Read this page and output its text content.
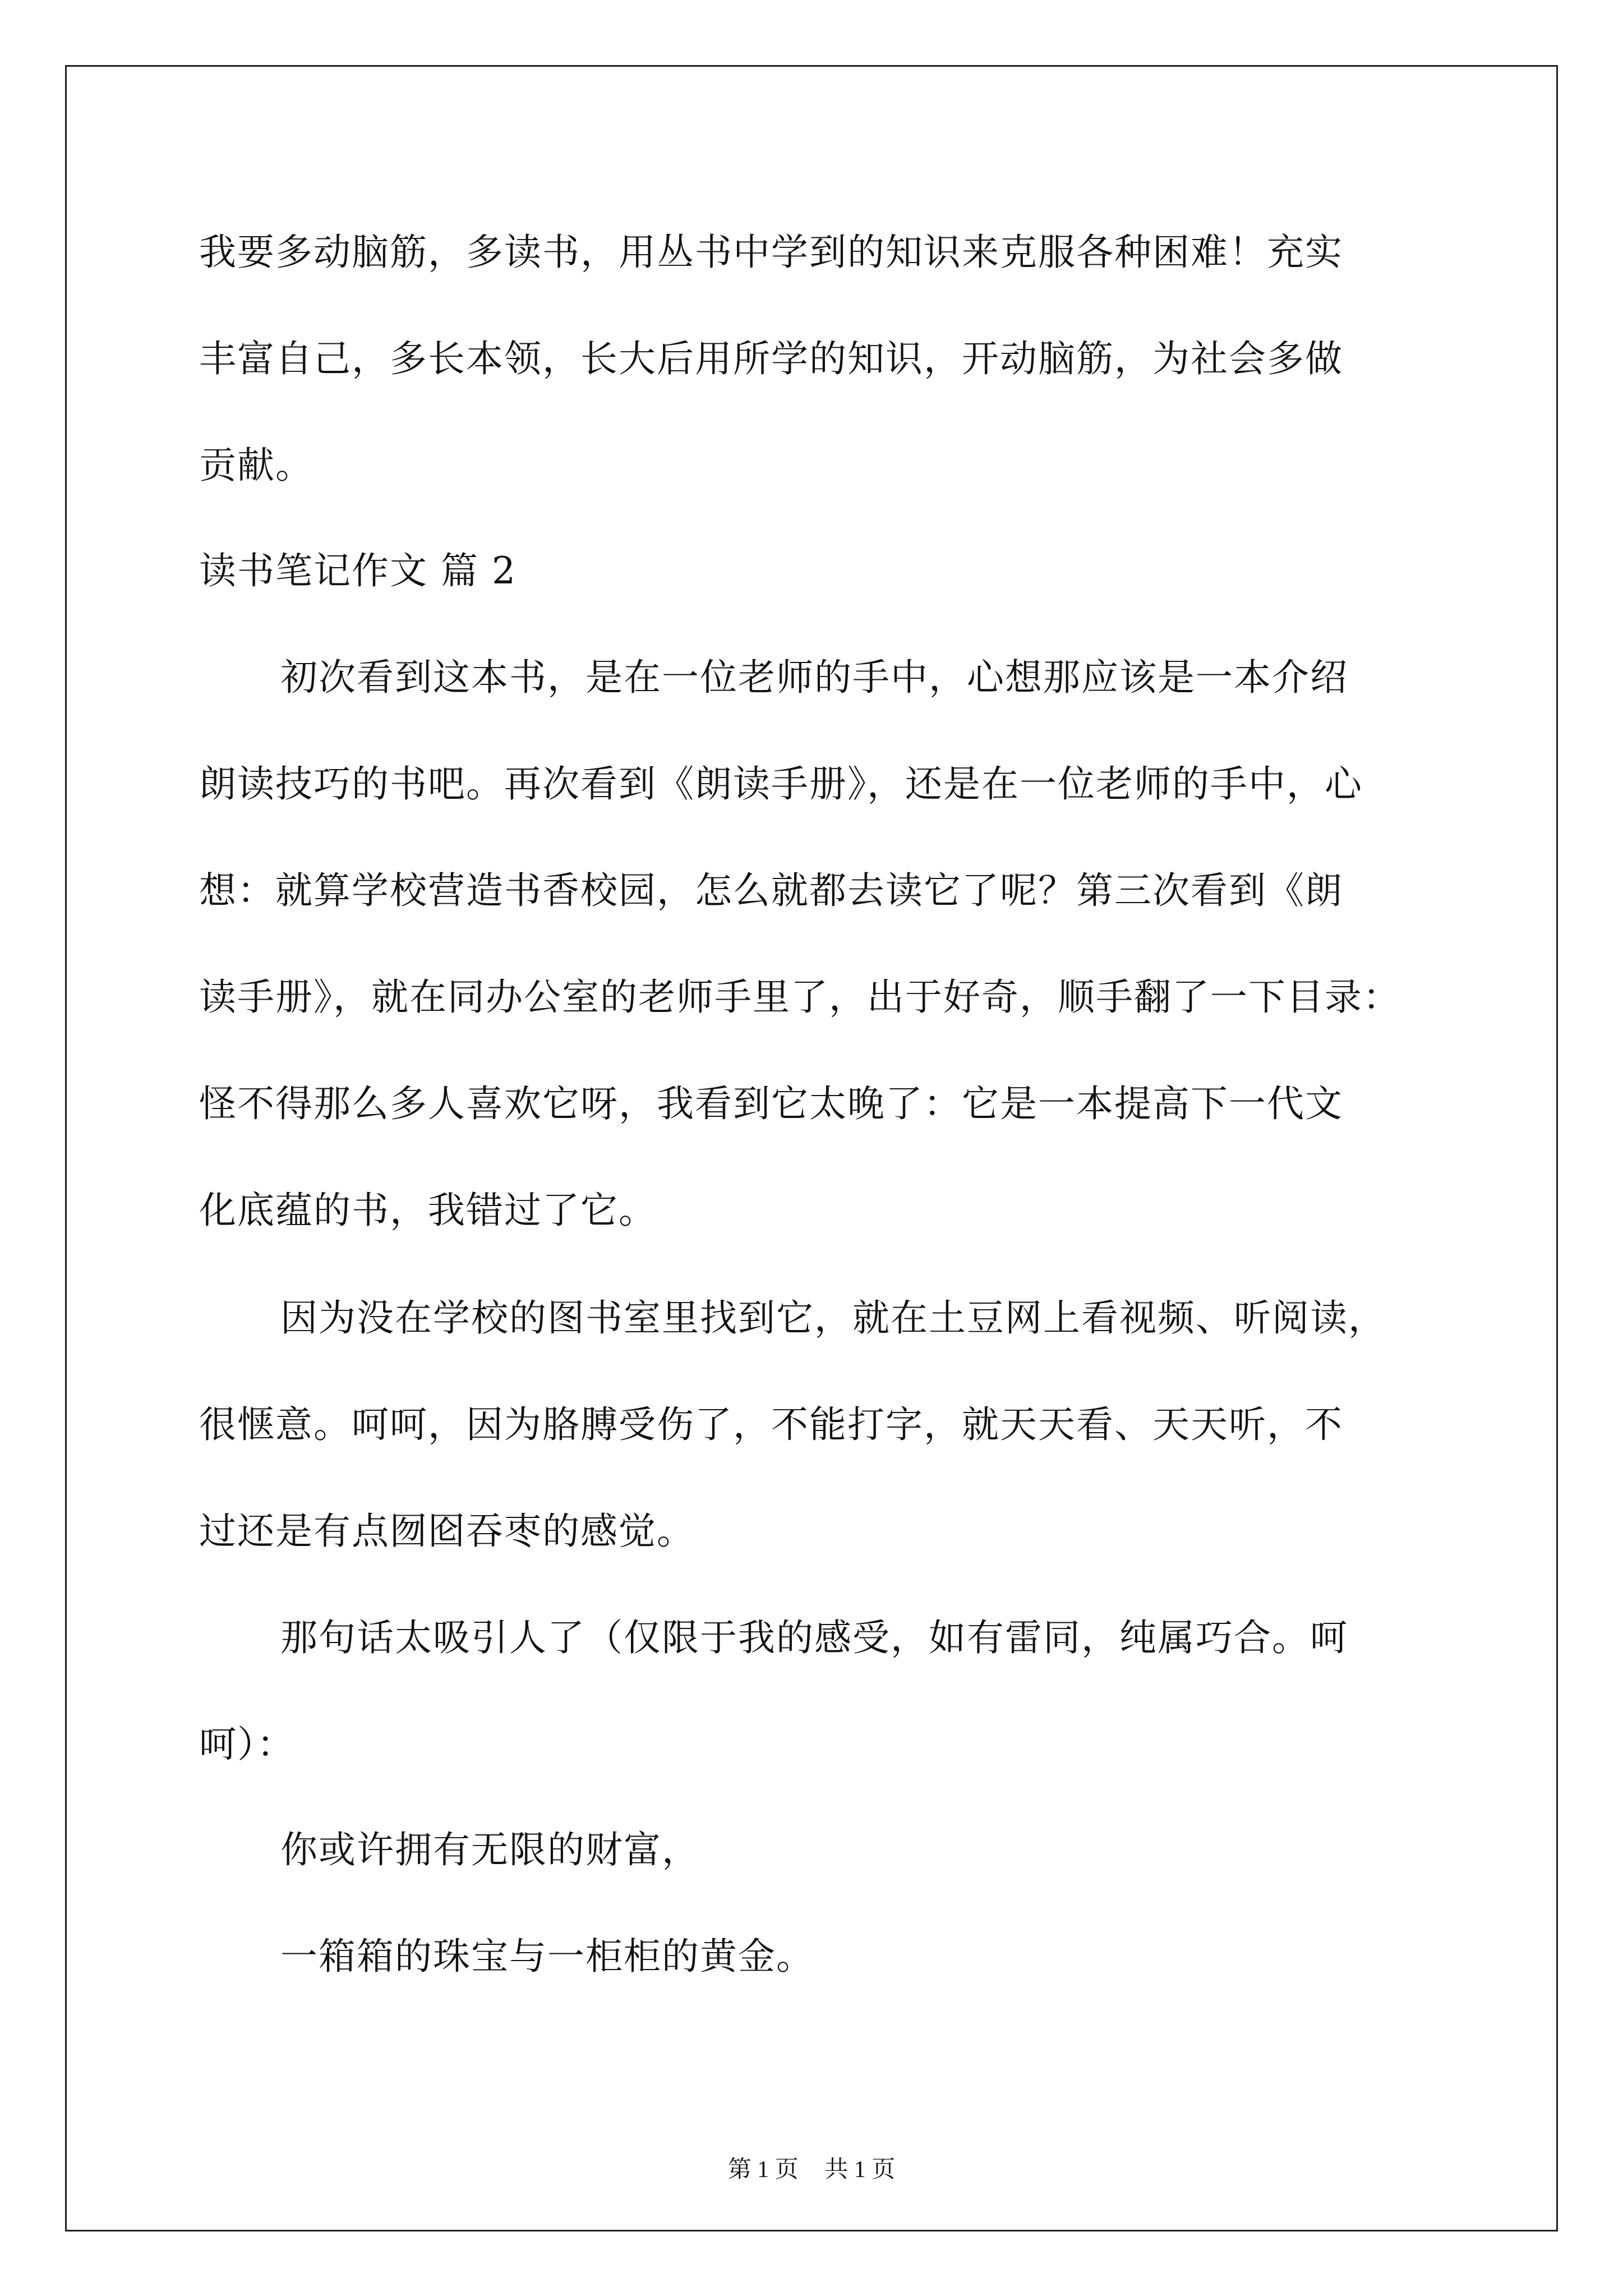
我要多动脑筋，多读书，用丛书中学到的知识来克服各种困难！充实
丰富自己，多长本领，长大后用所学的知识，开动脑筋，为社会多做
贡献。
读书笔记作文 篇 2
初次看到这本书，是在一位老师的手中，心想那应该是一本介绍
朗读技巧的书吧。再次看到《朗读手册》，还是在一位老师的手中，心
想：就算学校营造书香校园，怎么就都去读它了呢？第三次看到《朗
读手册》，就在同办公室的老师手里了，出于好奇，顺手翻了一下目录：
怪不得那么多人喜欢它呀，我看到它太晚了：它是一本提高下一代文
化底蕴的书，我错过了它。
因为没在学校的图书室里找到它，就在土豆网上看视频、听阅读，
很惬意。呵呵，因为胳膊受伤了，不能打字，就天天看、天天听，不
过还是有点囫囵吞枣的感觉。
那句话太吸引人了（仅限于我的感受，如有雷同，纯属巧合。呵
呵）：
你或许拥有无限的财富，
一箱箱的珠宝与一柜柜的黄金。
第 1 页 共 1 页
